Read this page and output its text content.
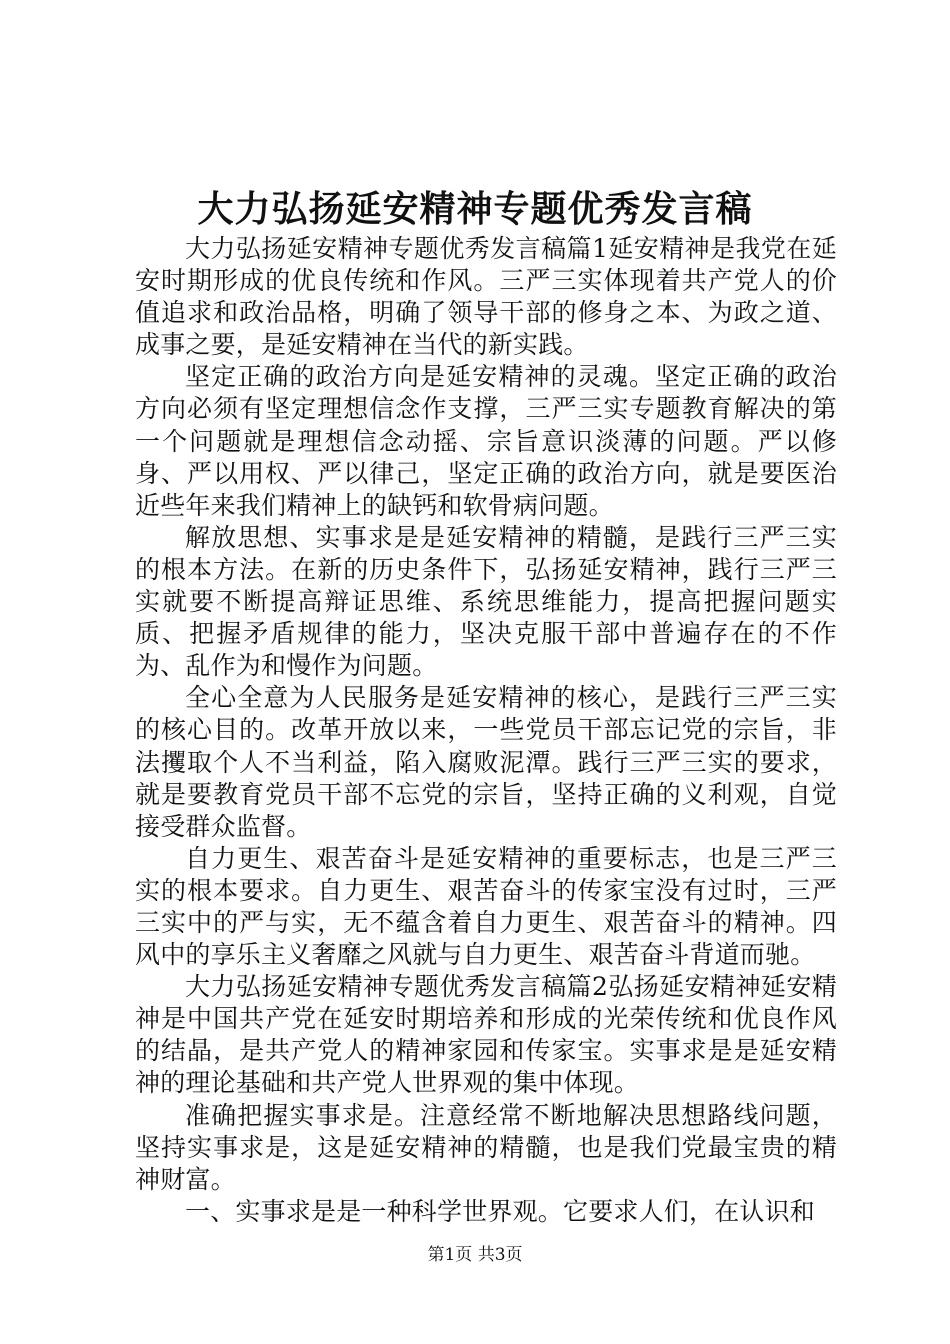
大力弘扬延安精神专题优秀发言稿

大力弘扬延安精神专题优秀发言稿篇1延安精神是我党在延安时期形成的优良传统和作风。三严三实体现着共产党人的价值追求和政治品格，明确了领导干部的修身之本、为政之道、成事之要，是延安精神在当代的新实践。

坚定正确的政治方向是延安精神的灵魂。坚定正确的政治方向必须有坚定理想信念作支撑，三严三实专题教育解决的第一个问题就是理想信念动摇、宗旨意识淡薄的问题。严以修身、严以用权、严以律己，坚定正确的政治方向，就是要医治近些年来我们精神上的缺钙和软骨病问题。

解放思想、实事求是是延安精神的精髓，是践行三严三实的根本方法。在新的历史条件下，弘扬延安精神，践行三严三实就要不断提高辩证思维、系统思维能力，提高把握问题实质、把握矛盾规律的能力，坚决克服干部中普遍存在的不作为、乱作为和慢作为问题。

全心全意为人民服务是延安精神的核心，是践行三严三实的核心目的。改革开放以来，一些党员干部忘记党的宗旨，非法攫取个人不当利益，陷入腐败泥潭。践行三严三实的要求，就是要教育党员干部不忘党的宗旨，坚持正确的义利观，自觉接受群众监督。

自力更生、艰苦奋斗是延安精神的重要标志，也是三严三实的根本要求。自力更生、艰苦奋斗的传家宝没有过时，三严三实中的严与实，无不蕴含着自力更生、艰苦奋斗的精神。四风中的享乐主义奢靡之风就与自力更生、艰苦奋斗背道而驰。

大力弘扬延安精神专题优秀发言稿篇2弘扬延安精神延安精神是中国共产党在延安时期培养和形成的光荣传统和优良作风的结晶，是共产党人的精神家园和传家宝。实事求是是延安精神的理论基础和共产党人世界观的集中体现。

准确把握实事求是。注意经常不断地解决思想路线问题，坚持实事求是，这是延安精神的精髓，也是我们党最宝贵的精神财富。

一、实事求是是一种科学世界观。它要求人们，在认识和

第1页 共3页
